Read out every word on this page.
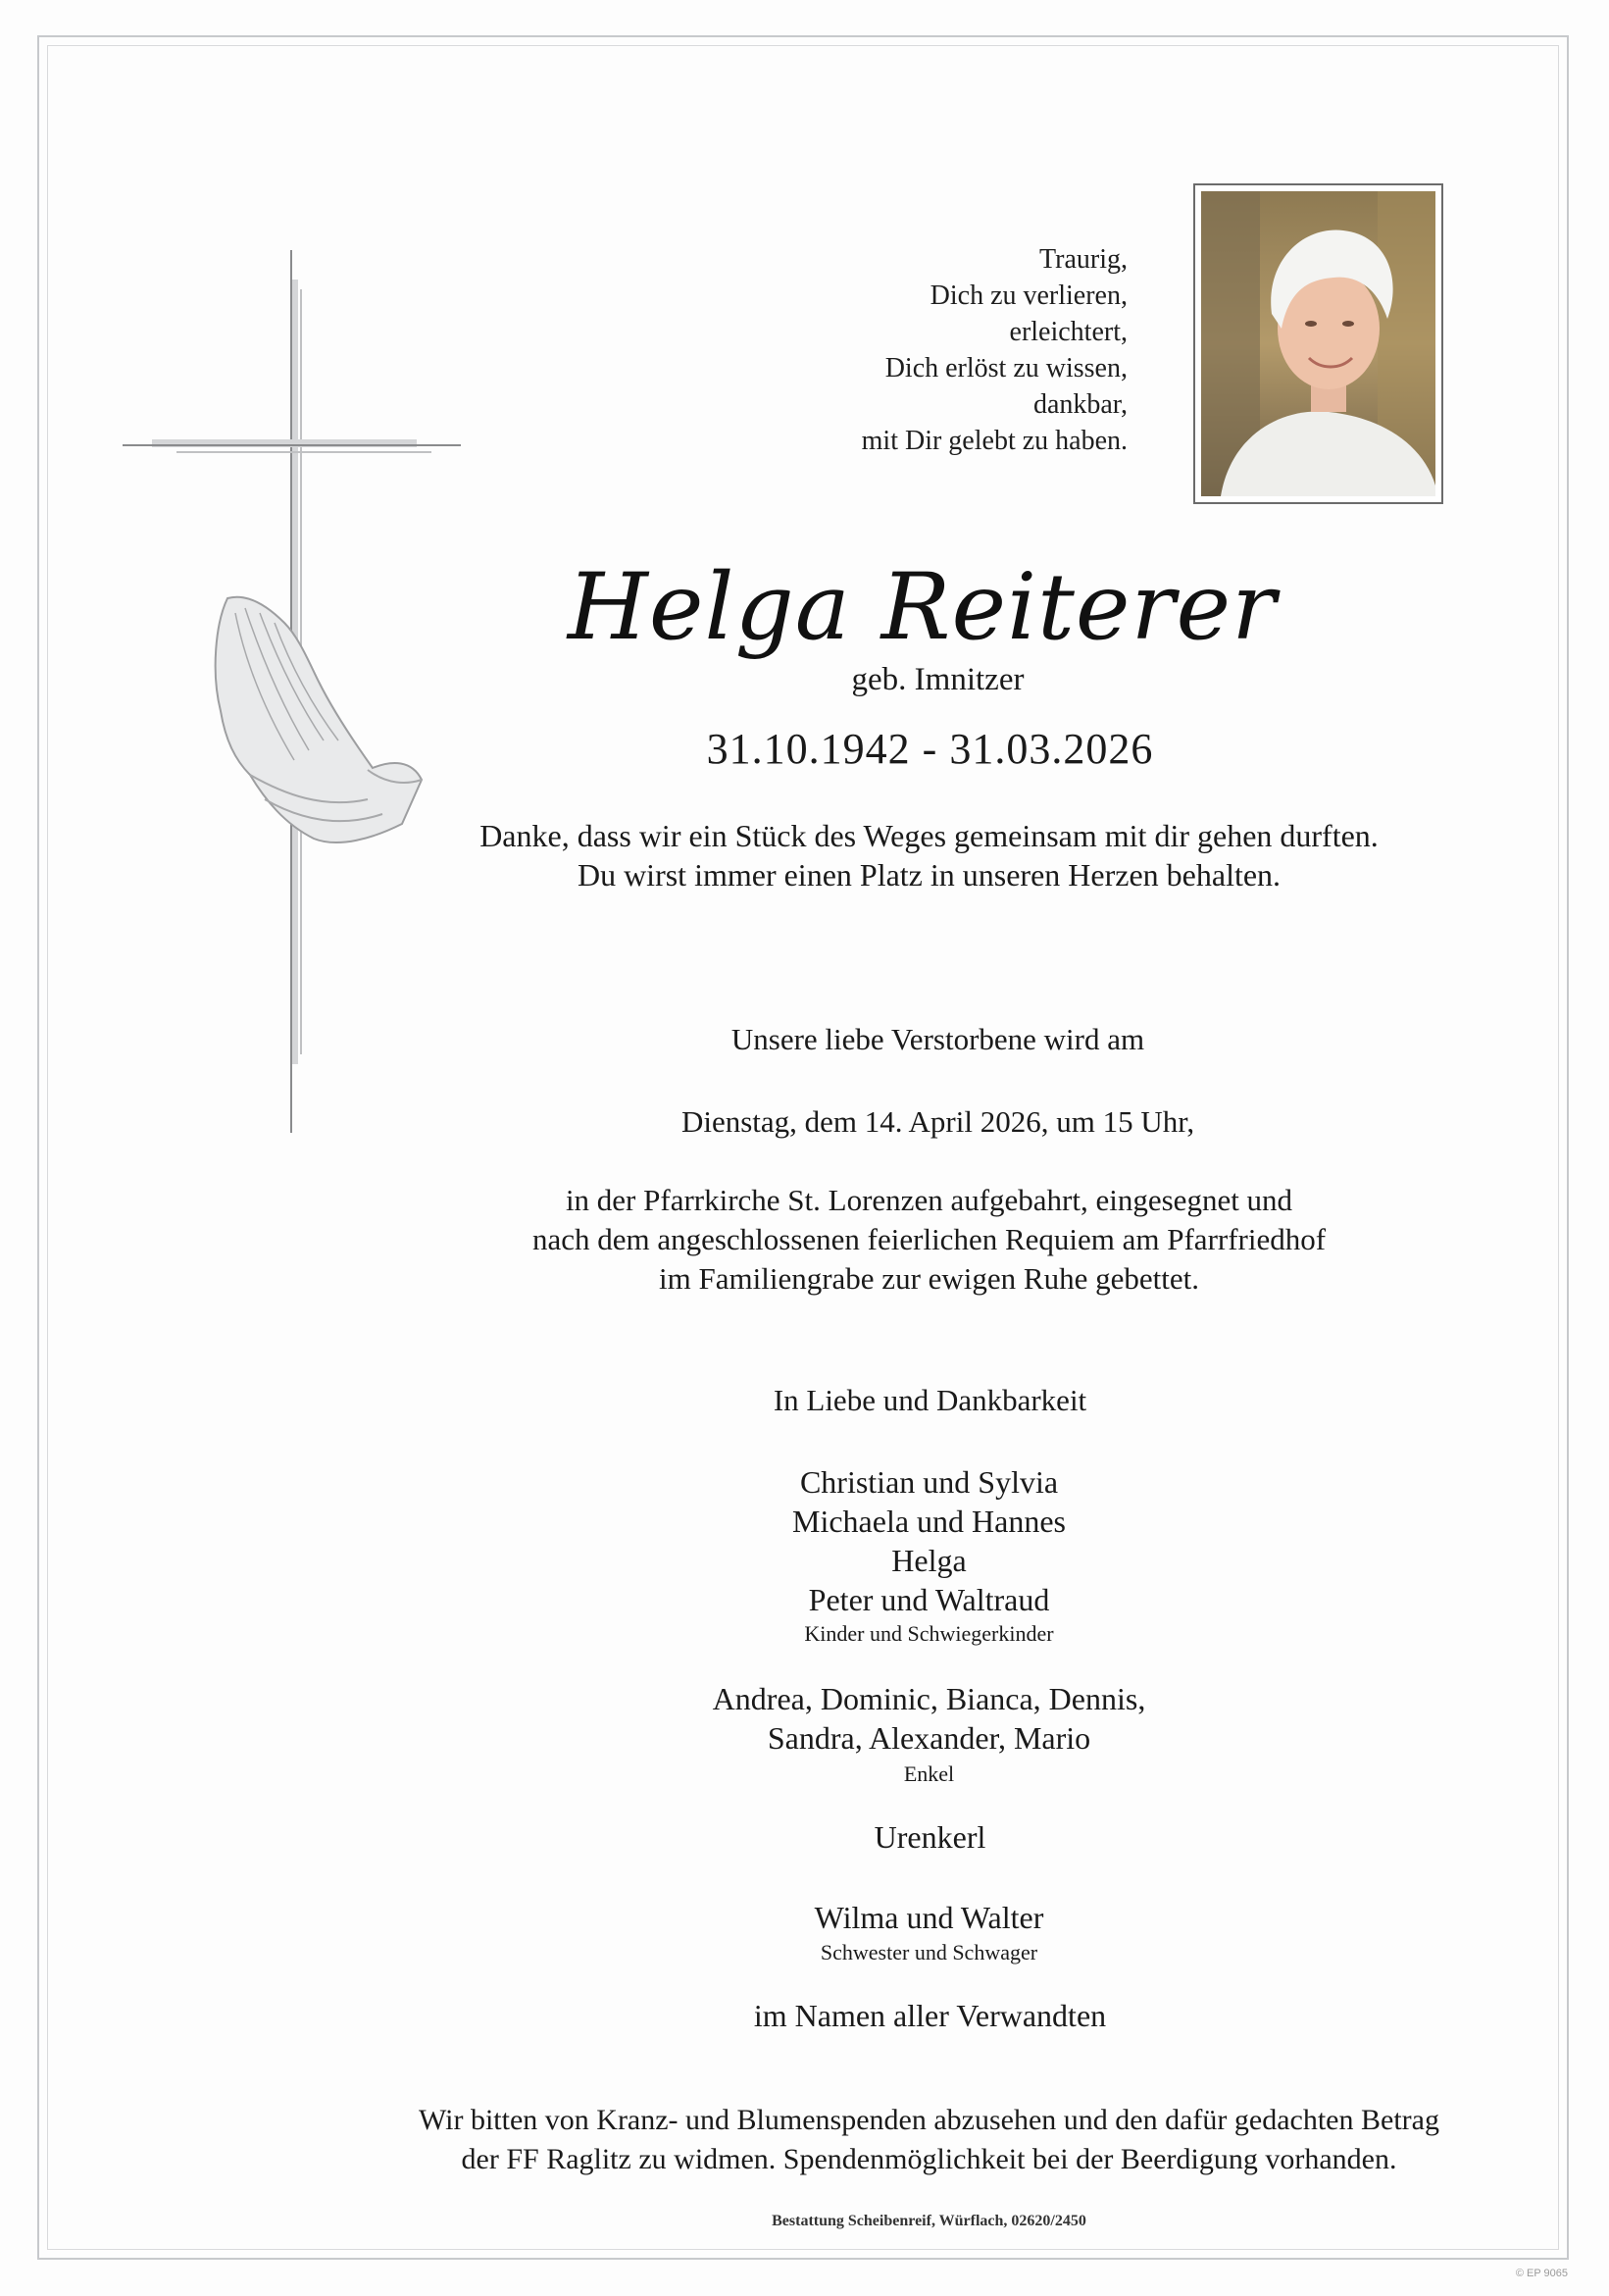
Traurig,
Dich zu verlieren,
erleichtert,
Dich erlöst zu wissen,
dankbar,
mit Dir gelebt zu haben.
Helga Reiterer
geb. Imnitzer
31.10.1942 - 31.03.2026
Danke, dass wir ein Stück des Weges gemeinsam mit dir gehen durften.
Du wirst immer einen Platz in unseren Herzen behalten.
Unsere liebe Verstorbene wird am
Dienstag, dem 14. April 2026, um 15 Uhr,
in der Pfarrkirche St. Lorenzen aufgebahrt, eingesegnet und
nach dem angeschlossenen feierlichen Requiem am Pfarrfriedhof
im Familiengrabe zur ewigen Ruhe gebettet.
In Liebe und Dankbarkeit
Christian und Sylvia
Michaela und Hannes
Helga
Peter und Waltraud
Kinder und Schwiegerkinder
Andrea, Dominic, Bianca, Dennis,
Sandra, Alexander, Mario
Enkel
Urenkerl
Wilma und Walter
Schwester und Schwager
im Namen aller Verwandten
Wir bitten von Kranz- und Blumenspenden abzusehen und den dafür gedachten Betrag
der FF Raglitz zu widmen. Spendenmöglichkeit bei der Beerdigung vorhanden.
Bestattung Scheibenreif, Würflach, 02620/2450
© EP 9065
